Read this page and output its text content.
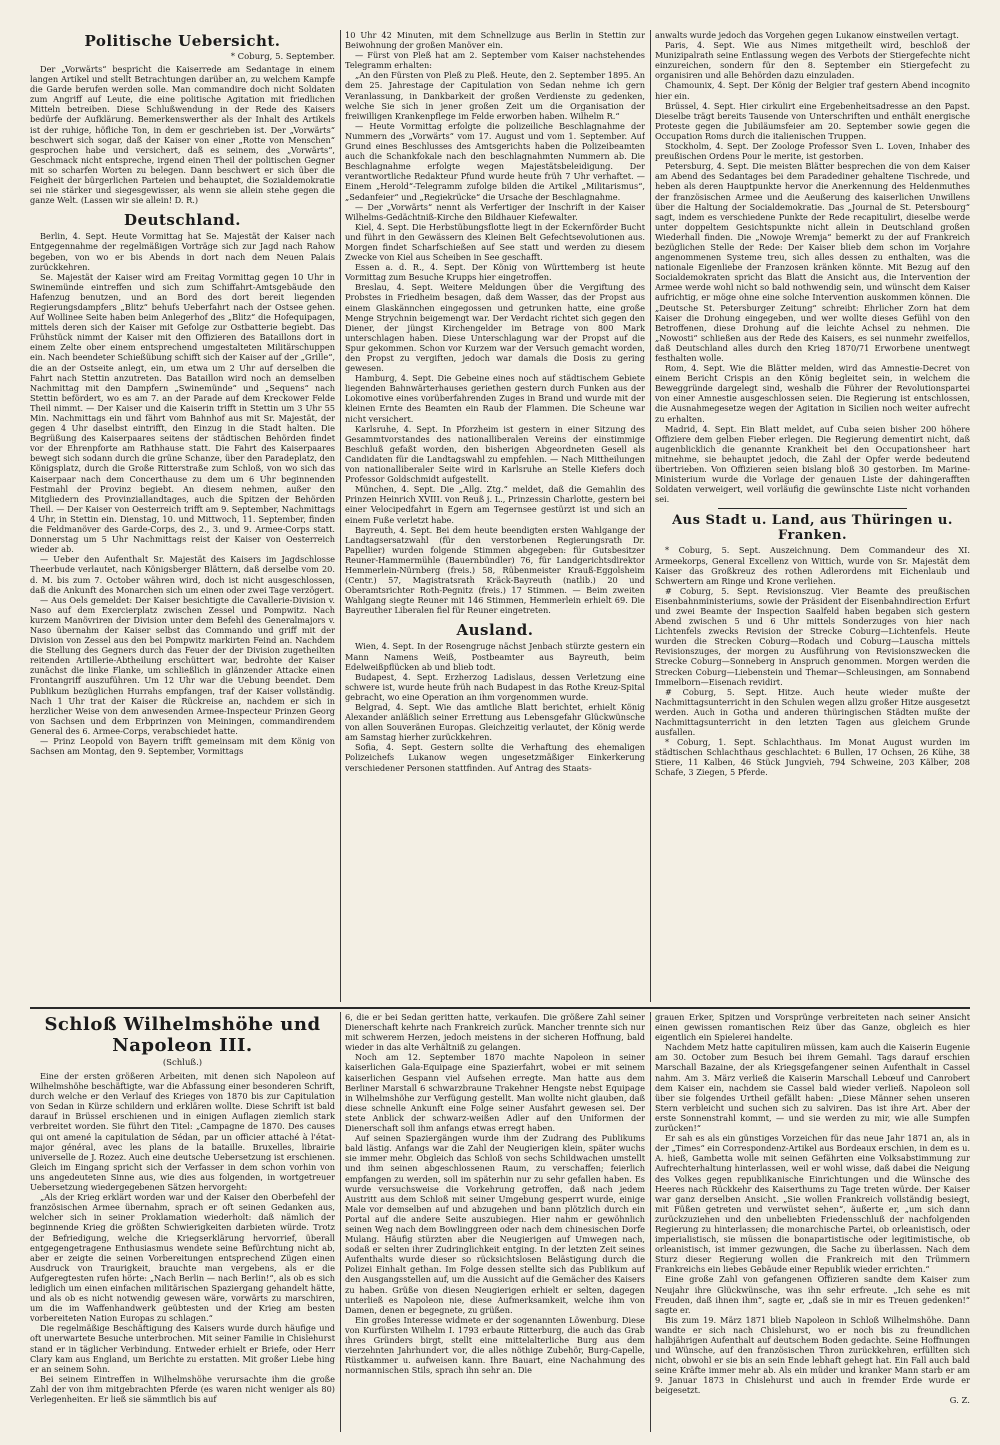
Politische Uebersicht.
* Coburg, 5. September.

Der „Vorwärts“ bespricht die Kaiserrede am Sedantage in einem langen Artikel und stellt Betrachtungen darüber an, zu welchem Kampfe die Garde berufen werden solle. Man commandire doch nicht Soldaten zum Angriff auf Leute, die eine politische Agitation mit friedlichen Mitteln betreiben. Diese Schlußwendung in der Rede des Kaisers bedürfe der Aufklärung. Bemerkenswerther als der Inhalt des Artikels ist der ruhige, höfliche Ton, in dem er geschrieben ist. Der „Vorwärts“ beschwert sich sogar, daß der Kaiser von einer „Rotte von Menschen“ gesprochen habe und versichert, daß es seinem, des „Vorwärts“, Geschmack nicht entspreche, irgend einen Theil der politischen Gegner mit so scharfen Worten zu belegen. Dann beschwert er sich über die Feigheit der bürgerlichen Parteien und behauptet, die Sozialdemokratie sei nie stärker und siegesgewisser, als wenn sie allein stehe gegen die ganze Welt. (Lassen wir sie allein! D. R.)

Deutschland.

Berlin, 4. Sept. Heute Vormittag hat Se. Majestät der Kaiser nach Entgegennahme der regelmäßigen Vorträge sich zur Jagd nach Rahow begeben, von wo er bis Abends in dort nach dem Neuen Palais zurückkehren.

Se. Majestät der Kaiser wird am Freitag Vormittag gegen 10 Uhr in Swinemünde eintreffen und sich zum Schiffahrt-Amtsgebäude den Hafenzug benutzen, und an Bord des dort bereit liegenden Regierungsdampfers „Blitz“ behufs Ueberfahrt nach der Ostsee gehen. Auf Wollinee Seite haben beim Anlegerhof des „Blitz“ die Hofequipagen, mittels deren sich der Kaiser mit Gefolge zur Ostbatterie begiebt. Das Frühstück nimmt der Kaiser mit den Offizieren des Bataillons dort in einem Zelte ober einem entsprechend umgestalteten Militärschuppen ein. Nach beendeter Schießübung schifft sich der Kaiser auf der „Grille“, die an der Ostseite anlegt, ein, um etwa um 2 Uhr auf derselben die Fahrt nach Stettin anzutreten. Das Bataillon wird noch an demselben Nachmittag mit den Dampfern „Swinemünde“ und „Sequens“ nach Stettin befördert, wo es am 7. an der Parade auf dem Kreckower Felde Theil nimmt. — Der Kaiser und die Kaiserin trifft in Stettin um 3 Uhr 55 Min. Nachmittags ein und fährt vom Bahnhof aus mit Sr. Majestät, der gegen 4 Uhr daselbst eintrifft, den Einzug in die Stadt halten. Die Begrüßung des Kaiserpaares seitens der städtischen Behörden findet vor der Ehrenpforte am Rathhause statt. Die Fahrt des Kaiserpaares bewegt sich sodann durch die grüne Schanze, über den Paradeplatz, den Königsplatz, durch die Große Ritterstraße zum Schloß, von wo sich das Kaiserpaar nach dem Concerthause zu dem um 6 Uhr beginnenden Festmahl der Provinz begiebt. An diesem nehmen, außer den Mitgliedern des Provinziallandtages, auch die Spitzen der Behörden Theil. — Der Kaiser von Oesterreich trifft am 9. September, Nachmittags 4 Uhr, in Stettin ein. Dienstag, 10. und Mittwoch, 11. September, finden die Feldmanöver des Garde-Corps, des 2., 3. und 9. Armee-Corps statt. Donnerstag um 5 Uhr Nachmittags reist der Kaiser von Oesterreich wieder ab.

— Ueber den Aufenthalt Sr. Majestät des Kaisers im Jagdschlosse Theerbude verlautet, nach Königsberger Blättern, daß derselbe vom 20. d. M. bis zum 7. October währen wird, doch ist nicht ausgeschlossen, daß die Ankunft des Monarchen sich um einen oder zwei Tage verzögert.

— Aus Oels gemeldet: Der Kaiser besichtigte die Cavallerie-Division v. Naso auf dem Exercierplatz zwischen Zessel und Pompwitz. Nach kurzem Manövriren der Division unter dem Befehl des Generalmajors v. Naso übernahm der Kaiser selbst das Commando und griff mit der Division von Zessel aus den bei Pompwitz markirten Feind an. Nachdem die Stellung des Gegners durch das Feuer der der Division zugetheilten reitenden Artillerie-Abtheilung erschüttert war, bedrohte der Kaiser zunächst die linke Flanke, um schließlich in glänzender Attacke einen Frontangriff auszuführen. Um 12 Uhr war die Uebung beendet. Dem Publikum bezüglichen Hurrahs empfangen, traf der Kaiser vollständig. Nach 1 Uhr trat der Kaiser die Rückreise an, nachdem er sich in herzlicher Weise von dem anwesenden Armee-Inspecteur Prinzen Georg von Sachsen und dem Erbprinzen von Meiningen, commandirendem General des 6. Armee-Corps, verabschiedet hatte.

— Prinz Leopold von Bayern trifft gemeinsam mit dem König von Sachsen am Montag, den 9. September, Vormittags

10 Uhr 42 Minuten, mit dem Schnellzuge aus Berlin in Stettin zur Beiwohnung der großen Manöver ein.

— Fürst von Pleß hat am 2. September vom Kaiser nachstehendes Telegramm erhalten:

„An den Fürsten von Pleß zu Pleß. Heute, den 2. September 1895. An dem 25. Jahrestage der Capitulation von Sedan nehme ich gern Veranlassung, in Dankbarkeit der großen Verdienste zu gedenken, welche Sie sich in jener großen Zeit um die Organisation der freiwilligen Krankenpflege im Felde erworben haben. Wilhelm R.“

— Heute Vormittag erfolgte die polizeiliche Beschlagnahme der Nummern des „Vorwärts“ vom 17. August und vom 1. September. Auf Grund eines Beschlusses des Amtsgerichts haben die Polizeibeamten auch die Schankfokale nach den beschlagnahmten Nummern ab. Die Beschlagnahme erfolgte wegen Majestätsbeleidigung. Der verantwortliche Redakteur Pfund wurde heute früh 7 Uhr verhaftet. — Einem „Herold“-Telegramm zufolge bilden die Artikel „Militarismus“, „Sedanfeier“ und „Regiekrücke“ die Ursache der Beschlagnahme.

— Der „Vorwärts“ nennt als Verfertiger der Inschrift in der Kaiser Wilhelms-Gedächtniß-Kirche den Bildhauer Kiefewalter.

Kiel, 4. Sept. Die Herbstübungsflotte liegt in der Eckernförder Bucht und führt in den Gewässern des Kleinen Belt Gefechtsevolutionen aus. Morgen findet Scharfschießen auf See statt und werden zu diesem Zwecke von Kiel aus Scheiben in See geschafft.

Essen a. d. R., 4. Sept. Der König von Württemberg ist heute Vormittag zum Besuche Krupps hier eingetroffen.

Breslau, 4. Sept. Weitere Meldungen über die Vergiftung des Probstes in Friedheim besagen, daß dem Wasser, das der Propst aus einem Glaskännchen eingegossen und getrunken hatte, eine große Menge Strychnin beigemengt war. Der Verdacht richtet sich gegen den Diener, der jüngst Kirchengelder im Betrage von 800 Mark unterschlagen haben. Diese Unterschlagung war der Propst auf die Spur gekommen. Schon vor Kurzem war der Versuch gemacht worden, den Propst zu vergiften, jedoch war damals die Dosis zu gering gewesen.

Hamburg, 4. Sept. Die Gebeine eines noch auf städtischem Gebiete liegenden Bahnwärterhauses geriethen gestern durch Funken aus der Lokomotive eines vorüberfahrenden Zuges in Brand und wurde mit der kleinen Ernte des Beamten ein Raub der Flammen. Die Scheune war nicht versichert.

Karlsruhe, 4. Sept. In Pforzheim ist gestern in einer Sitzung des Gesammtvorstandes des nationalliberalen Vereins der einstimmige Beschluß gefaßt worden, den bisherigen Abgeordneten Gesell als Candidaten für die Landtagswahl zu empfehlen. — Nach Mittheilungen von nationalliberaler Seite wird in Karlsruhe an Stelle Kiefers doch Professor Goldschmidt aufgestellt.

München, 4. Sept. Die „Allg. Ztg.“ meldet, daß die Gemahlin des Prinzen Heinrich XVIII. von Reuß j. L., Prinzessin Charlotte, gestern bei einer Velocipedfahrt in Egern am Tegernsee gestürzt ist und sich an einem Fuße verletzt habe.

Bayreuth, 4. Sept. Bei dem heute beendigten ersten Wahlgange der Landtagsersatzwahl (für den verstorbenen Regierungsrath Dr. Papellier) wurden folgende Stimmen abgegeben: für Gutsbesitzer Reuner-Hammermühle (Bauernbündler) 76, für Landgerichtsdirektor Hemmerlein-Nürnberg (freis.) 58, Rübenmeister Krauß-Eggolsheim (Centr.) 57, Magistratsrath Kräck-Bayreuth (natlib.) 20 und Oberamtsrichter Roth-Pegnitz (freis.) 17 Stimmen. — Beim zweiten Wahlgang siegte Reuner mit 146 Stimmen, Hemmerlein erhielt 69. Die Bayreuther Liberalen fiel für Reuner eingetreten.

Ausland.

Wien, 4. Sept. In der Rosengruge nächst Jenbach stürzte gestern ein Mann Namens Weiß, Postbeamter aus Bayreuth, beim Edelweißpflücken ab und blieb todt.

Budapest, 4. Sept. Erzherzog Ladislaus, dessen Verletzung eine schwere ist, wurde heute früh nach Budapest in das Rothe Kreuz-Spital gebracht, wo eine Operation an ihm vorgenommen wurde.

Belgrad, 4. Sept. Wie das amtliche Blatt berichtet, erhielt König Alexander anläßlich seiner Errettung aus Lebensgefahr Glückwünsche von allen Souveränen Europas. Gleichzeitig verlautet, der König werde am Samstag hierher zurückkehren.

Sofia, 4. Sept. Gestern sollte die Verhaftung des ehemaligen Polizeichefs Lukanow wegen ungesetzmäßiger Einkerkerung verschiedener Personen stattfinden. Auf Antrag des Staats-

anwalts wurde jedoch das Vorgehen gegen Lukanow einstweilen vertagt.

Paris, 4. Sept. Wie aus Nimes mitgetheilt wird, beschloß der Munizipalrath seine Entlassung wegen des Verbots der Stiergefechte nicht einzureichen, sondern für den 8. September ein Stiergefecht zu organisiren und alle Behörden dazu einzuladen.

Chamounix, 4. Sept. Der König der Belgier traf gestern Abend incognito hier ein.

Brüssel, 4. Sept. Hier cirkulirt eine Ergebenheitsadresse an den Papst. Dieselbe trägt bereits Tausende von Unterschriften und enthält energische Proteste gegen die Jubiläumsfeier am 20. September sowie gegen die Occupation Roms durch die italienischen Truppen.

Stockholm, 4. Sept. Der Zoologe Professor Sven L. Loven, Inhaber des preußischen Ordens Pour le merite, ist gestorben.

Petersburg, 4. Sept. Die meisten Blätter besprechen die von dem Kaiser am Abend des Sedantages bei dem Paradediner gehaltene Tischrede, und heben als deren Hauptpunkte hervor die Anerkennung des Heldenmuthes der französischen Armee und die Aeußerung des kaiserlichen Unwillens über die Haltung der Socialdemokratie. Das „Journal de St. Petersbourg“ sagt, indem es verschiedene Punkte der Rede recapitulirt, dieselbe werde unter doppeltem Gesichtspunkte nicht allein in Deutschland großen Wiederhall finden. Die „Nowoje Wremja“ bemerkt zu der auf Frankreich bezüglichen Stelle der Rede: Der Kaiser blieb dem schon im Vorjahre angenommenen Systeme treu, sich alles dessen zu enthalten, was die nationale Eigenliebe der Franzosen kränken könnte. Mit Bezug auf den Socialdemokraten spricht das Blatt die Ansicht aus, die Intervention der Armee werde wohl nicht so bald nothwendig sein, und wünscht dem Kaiser aufrichtig, er möge ohne eine solche Intervention auskommen können. Die „Deutsche St. Petersburger Zeitung“ schreibt: Ehrlicher Zorn hat dem Kaiser die Drohung eingegeben, und wer wollte dieses Gefühl von den Betroffenen, diese Drohung auf die leichte Achsel zu nehmen. Die „Nowosti“ schließen aus der Rede des Kaisers, es sei nunmehr zweifellos, daß Deutschland alles durch den Krieg 1870/71 Erworbene unentwegt festhalten wolle.

Rom, 4. Sept. Wie die Blätter melden, wird das Amnestie-Decret von einem Bericht Crispis an den König begleitet sein, in welchem die Beweggründe dargelegt sind, weshalb die Führer der Revolutionspartei von einer Amnestie ausgeschlossen seien. Die Regierung ist entschlossen, die Ausnahmegesetze wegen der Agitation in Sicilien noch weiter aufrecht zu erhalten.

Madrid, 4. Sept. Ein Blatt meldet, auf Cuba seien bisher 200 höhere Offiziere dem gelben Fieber erlegen. Die Regierung dementirt nicht, daß augenblicklich die genannte Krankheit bei den Occupationsheer hart mitnehme, sie behauptet jedoch, die Zahl der Opfer werde bedeutend übertrieben. Von Offizieren seien bislang bloß 30 gestorben. Im Marine-Ministerium wurde die Vorlage der genauen Liste der dahingerafften Soldaten verweigert, weil vorläufig die gewünschte Liste nicht vorhanden sei.

Aus Stadt u. Land, aus Thüringen u. Franken.

* Coburg, 5. Sept. Auszeichnung. Dem Commandeur des XI. Armeekorps, General Excellenz von Wittich, wurde von Sr. Majestät dem Kaiser das Großkreuz des rothen Adlerordens mit Eichenlaub und Schwertern am Ringe und Krone verliehen.

# Coburg, 5. Sept. Revisionszug. Vier Beamte des preußischen Eisenbahnministeriums, sowie der Präsident der Eisenbahndirection Erfurt und zwei Beamte der Inspection Saalfeld haben begaben sich gestern Abend zwischen 5 und 6 Uhr mittels Sonderzuges von hier nach Lichtenfels zwecks Revision der Strecke Coburg—Lichtenfels. Heute wurden die Strecken Coburg—Rodach und Coburg—Lauscha mittels Revisionszuges, der morgen zu Ausführung von Revisionszwecken die Strecke Coburg—Sonneberg in Anspruch genommen. Morgen werden die Strecken Coburg—Liebenstein und Themar—Schleusingen, am Sonnabend Immelborn—Eisenach revidirt.

# Coburg, 5. Sept. Hitze. Auch heute wieder mußte der Nachmittagsunterricht in den Schulen wegen allzu großer Hitze ausgesetzt werden. Auch in Gotha und anderen thüringischen Städten mußte der Nachmittagsunterricht in den letzten Tagen aus gleichem Grunde ausfallen.

* Coburg, 1. Sept. Schlachthaus. Im Monat August wurden im städtischen Schlachthaus geschlachtet: 6 Bullen, 17 Ochsen, 26 Kühe, 38 Stiere, 11 Kalben, 46 Stück Jungvieh, 794 Schweine, 203 Kälber, 208 Schafe, 3 Ziegen, 5 Pferde.

Schloß Wilhelmshöhe und Napoleon III.
(Schluß.)

Eine der ersten größeren Arbeiten, mit denen sich Napoleon auf Wilhelmshöhe beschäftigte, war die Abfassung einer besonderen Schrift, durch welche er den Verlauf des Krieges von 1870 bis zur Capitulation von Sedan in Kürze schildern und erklären wollte. Diese Schrift ist bald darauf in Brüssel erschienen und in einigen Auflagen ziemlich stark verbreitet worden. Sie führt den Titel: „Campagne de 1870. Des causes qui ont amené la capitulation de Sédan, par un officier attaché à l'état-major général, avec les plans de la bataille. Bruxelles, librairie universelle de J. Rozez. Auch eine deutsche Uebersetzung ist erschienen. Gleich im Eingang spricht sich der Verfasser in dem schon vorhin von uns angedeuteten Sinne aus, wie dies aus folgenden, in wortgetreuer Uebersetzung wiedergegebenen Sätzen hervorgeht:

„Als der Krieg erklärt worden war und der Kaiser den Oberbefehl der französischen Armee übernahm, sprach er oft seinen Gedanken aus, welcher sich in seiner Proklamation wiederholt: daß nämlich der beginnende Krieg die größten Schwierigkeiten darbieten würde. Trotz der Befriedigung, welche die Kriegserklärung hervorrief, überall entgegengetragene Enthusiasmus wendete seine Befürchtung nicht ab, aber er zeigte die seinen Vorbereitungen entsprechend Zügen einen Ausdruck von Traurigkeit, brauchte man vergebens, als er die Aufgeregtesten rufen hörte: „Nach Berlin — nach Berlin!“, als ob es sich lediglich um einen einfachen militärischen Spaziergang gehandelt hätte, und als ob es nicht notwendig gewesen wäre, vorwärts zu marschiren, um die im Waffenhandwerk geübtesten und der Krieg am besten vorbereiteten Nation Europas zu schlagen.“

Die regelmäßige Beschäftigung des Kaisers wurde durch häufige und oft unerwartete Besuche unterbrochen. Mit seiner Familie in Chislehurst stand er in täglicher Verbindung. Entweder erhielt er Briefe, oder Herr Clary kam aus England, um Berichte zu erstatten. Mit großer Liebe hing er an seinem Sohn.

Bei seinem Eintreffen in Wilhelmshöhe verursachte ihm die große Zahl der von ihm mitgebrachten Pferde (es waren nicht weniger als 80) Verlegenheiten. Er ließ sie sämmtlich bis auf

6, die er bei Sedan geritten hatte, verkaufen. Die größere Zahl seiner Dienerschaft kehrte nach Frankreich zurück. Mancher trennte sich nur mit schwerem Herzen, jedoch meistens in der sicheren Hoffnung, bald wieder in das alte Verhältniß zu gelangen.

Noch am 12. September 1870 machte Napoleon in seiner kaiserlichen Gala-Equipage eine Spazierfahrt, wobei er mit seinem kaiserlichen Gespann viel Aufsehen erregte. Man hatte aus dem Berliner Marstall 6 schwarzbraune Trakehner Hengste nebst Equipage in Wilhelmshöhe zur Verfügung gestellt. Man wollte nicht glauben, daß diese schnelle Ankunft eine Folge seiner Ausfahrt gewesen sei. Der stete Anblick der schwarz-weißen Adler auf den Uniformen der Dienerschaft soll ihm anfangs etwas erregt haben.

Auf seinen Spaziergängen wurde ihm der Zudrang des Publikums bald lästig. Anfangs war die Zahl der Neugierigen klein, später wuchs sie immer mehr. Obgleich das Schloß von sechs Schildwachen umstellt und ihm seinen abgeschlossenen Raum, zu verschaffen; feierlich empfangen zu werden, soll im späterhin nur zu sehr gefallen haben. Es wurde versuchsweise die Vorkehrung getroffen, daß nach jedem Austritt aus dem Schloß mit seiner Umgebung gesperrt wurde, einige Male vor demselben auf und abzugehen und bann plötzlich durch ein Portal auf die andere Seite auszubiegen. Hier nahm er gewöhnlich seinen Weg nach dem Bowlinggreen oder nach dem chinesischen Dorfe Mulang. Häufig stürzten aber die Neugierigen auf Umwegen nach, sodaß er selten ihrer Zudringlichkeit entging. In der letzten Zeit seines Aufenthalts wurde dieser so rücksichtslosen Belästigung durch die Polizei Einhalt gethan. Im Folge dessen stellte sich das Publikum auf den Ausgangsstellen auf, um die Aussicht auf die Gemächer des Kaisers zu haben. Grüße von diesen Neugierigen erhielt er selten, dagegen unterließ es Napoleon nie, diese Aufmerksamkeit, welche ihm von Damen, denen er begegnete, zu grüßen.

Ein großes Interesse widmete er der sogenannten Löwenburg. Diese von Kurfürsten Wilhelm I. 1793 erbaute Ritterburg, die auch das Grab ihres Gründers birgt, stellt eine mittelalterliche Burg aus dem vierzehnten Jahrhundert vor, die alles nöthige Zubehör, Burg-Capelle, Rüstkammer u. aufweisen kann. Ihre Bauart, eine Nachahmung des normannischen Stils, sprach ihn sehr an. Die

grauen Erker, Spitzen und Vorsprünge verbreiteten nach seiner Ansicht einen gewissen romantischen Reiz über das Ganze, obgleich es hier eigentlich ein Spielerei handelte.

Nachdem Metz hatte capituliren müssen, kam auch die Kaiserin Eugenie am 30. October zum Besuch bei ihrem Gemahl. Tags darauf erschien Marschall Bazaine, der als Kriegsgefangener seinen Aufenthalt in Cassel nahm. Am 3. März verließ die Kaiserin Marschall Lebœuf und Canrobert dem Kaiser ein, nachdem sie Cassel bald wieder verließ. Napoleon soll über sie folgendes Urtheil gefällt haben: „Diese Männer sehen unseren Stern verbleicht und suchen sich zu salviren. Das ist ihre Art. Aber der erste Sonnenstrahl kommt, — und sie werden zu mir, wie alle Sumpfen zurücken!“

Er sah es als ein günstiges Vorzeichen für das neue Jahr 1871 an, als in der „Times“ ein Correspondenz-Artikel aus Bordeaux erschien, in dem es u. A. hieß, Gambetta wolle mit seinen Gefährten eine Volksabstimmung zur Aufrechterhaltung hinterlassen, weil er wohl wisse, daß dabei die Neigung des Volkes gegen republikanische Einrichtungen und die Wünsche des Heeres nach Rückkehr des Kaiserthums zu Tage treten würde. Der Kaiser war ganz derselben Ansicht. „Sie wollen Frankreich vollständig besiegt, mit Füßen getreten und verwüstet sehen“, äußerte er, „um sich dann zurückzuziehen und den unbeliebten Friedensschluß der nachfolgenden Regierung zu hinterlassen; die monarchische Partei, ob orleanistisch, oder imperialistisch, sie müssen die bonapartistische oder legitimistische, ob orleanistisch, ist immer gezwungen, die Sache zu überlassen. Nach dem Sturz dieser Regierung wollen die Frankreich mit den Trümmern Frankreichs ein liebes Gebäude einer Republik wieder errichten.“

Eine große Zahl von gefangenen Offizieren sandte dem Kaiser zum Neujahr ihre Glückwünsche, was ihn sehr erfreute. „Ich sehe es mit Freuden, daß ihnen ihm“, sagte er, „daß sie in mir es Treuen gedenken!“ sagte er.

Bis zum 19. März 1871 blieb Napoleon in Schloß Wilhelmshöhe. Dann wandte er sich nach Chislehurst, wo er noch bis zu freundlichen halbjährigen Aufenthalt auf deutschem Boden gedachte. Seine Hoffnungen und Wünsche, auf den französischen Thron zurückkehren, erfüllten sich nicht, obwohl er sie bis an sein Ende lebhaft gehegt hat. Ein Fall auch bald seine Kräfte immer mehr ab. Als ein müder und kranker Mann starb er am 9. Januar 1873 in Chislehurst und auch in fremder Erde wurde er beigesetzt.

G. Z.
